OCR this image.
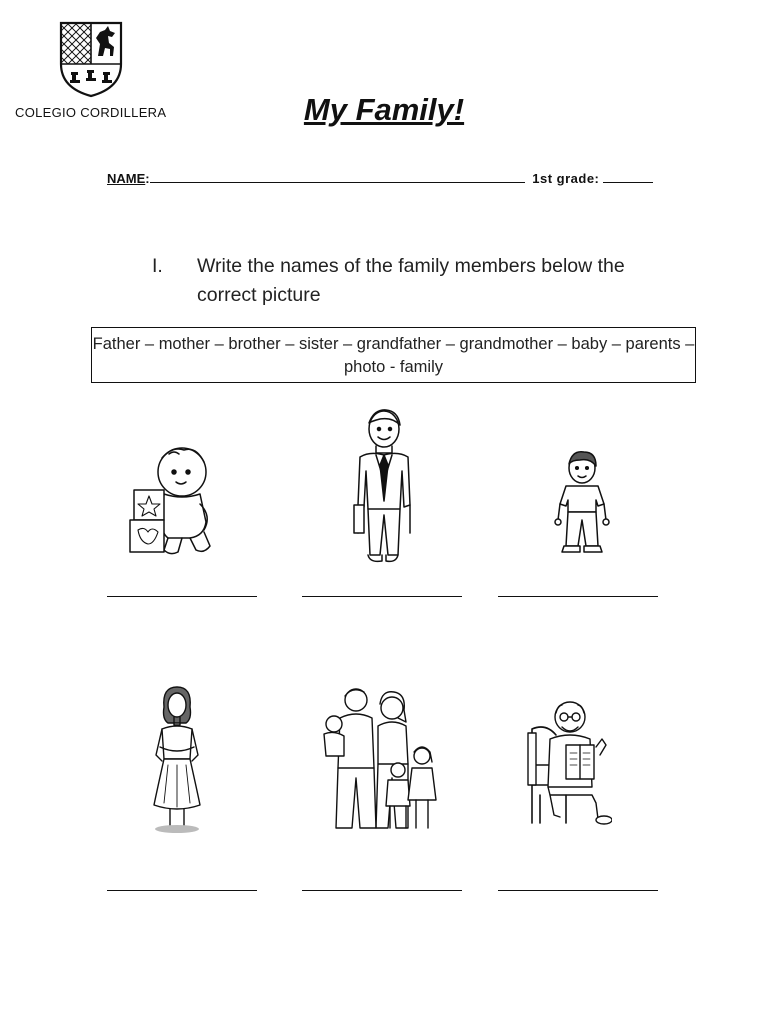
COLEGIO CORDILLERA	My Family!
NAME:	1st grade:
I. Write the names of the family members below the correct picture
Father – mother – brother – sister – grandfather – grandmother – baby – parents – photo - family
